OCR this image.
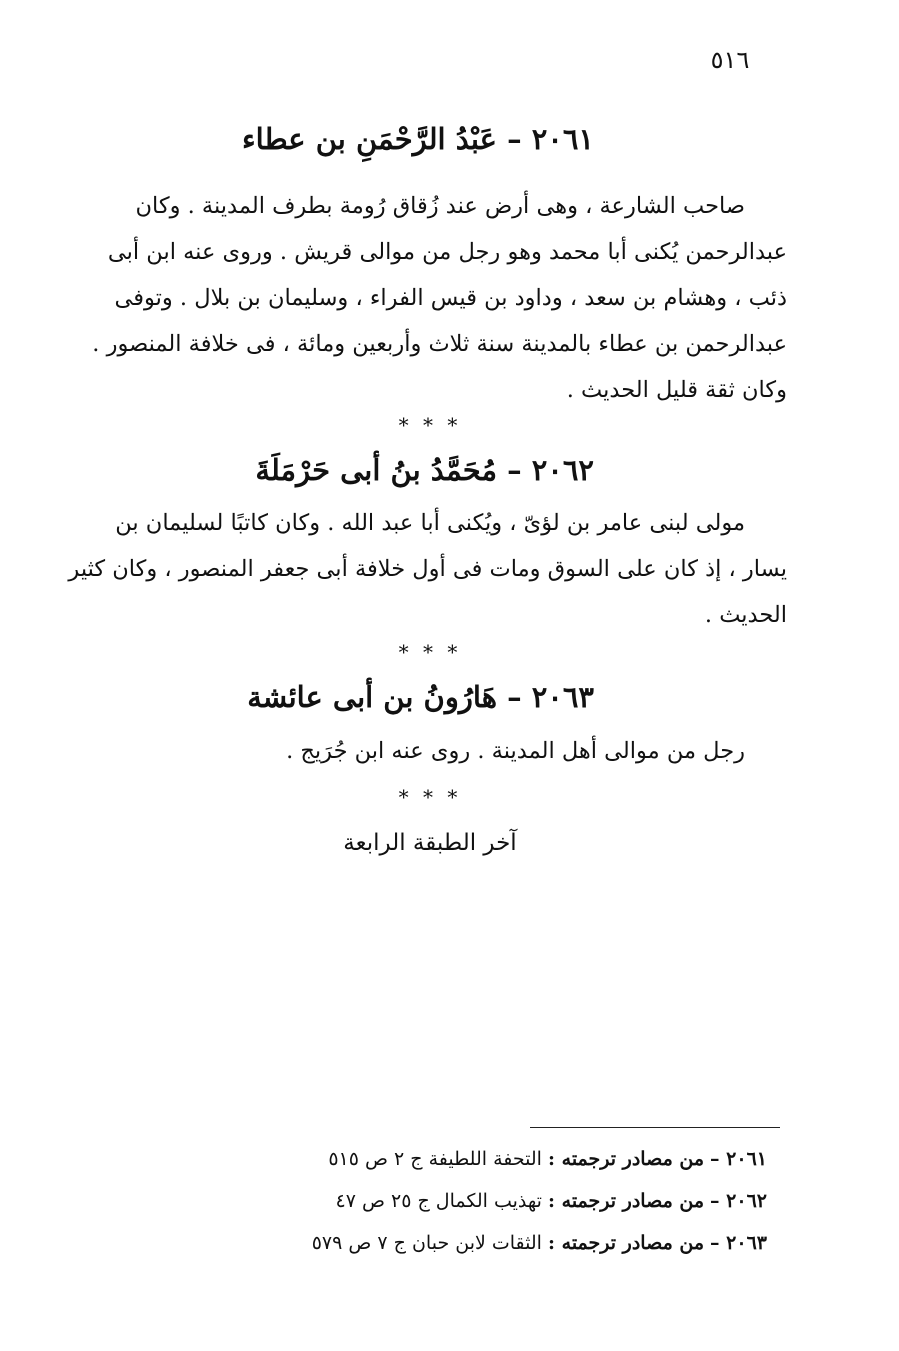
٥١٦
٢٠٦١ – عَبْدُ الرَّحْمَنِ بن عطاء
صاحب الشارعة ، وهى أرض عند زُقاق رُومة بطرف المدينة . وكان
عبدالرحمن يُكنى أبا محمد وهو رجل من موالى قريش . وروى عنه ابن أبى
ذئب ، وهشام بن سعد ، وداود بن قيس الفراء ، وسليمان بن بلال . وتوفى
عبدالرحمن بن عطاء بالمدينة سنة ثلاث وأربعين ومائة ، فى خلافة المنصور .
وكان ثقة قليل الحديث .
* * *
٢٠٦٢ – مُحَمَّدُ بنُ أبى حَرْمَلَةَ
مولى لبنى عامر بن لؤىّ ، ويُكنى أبا عبد الله . وكان كاتبًا لسليمان بن
يسار ، إذ كان على السوق ومات فى أول خلافة أبى جعفر المنصور ، وكان كثير
الحديث .
* * *
٢٠٦٣ – هَارُونُ بن أبى عائشة
رجل من موالى أهل المدينة . روى عنه ابن جُرَيج .
* * *
آخر الطبقة الرابعة
٢٠٦١ – من مصادر ترجمته : التحفة اللطيفة ج ٢ ص ٥١٥
٢٠٦٢ – من مصادر ترجمته : تهذيب الكمال ج ٢٥ ص ٤٧
٢٠٦٣ – من مصادر ترجمته : الثقات لابن حبان ج ٧ ص ٥٧٩
